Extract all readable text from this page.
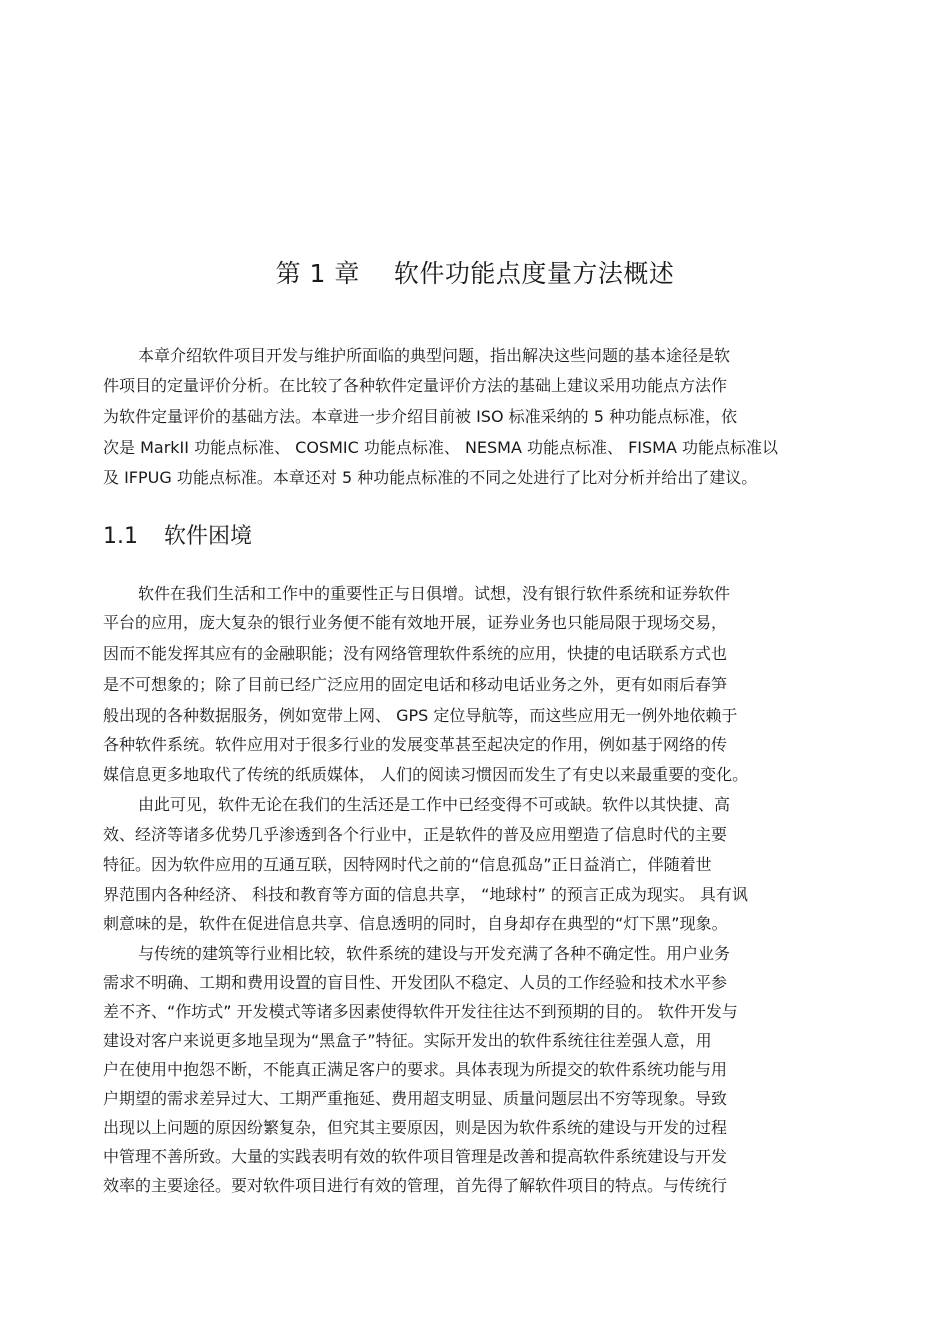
第 1 章 软件功能点度量方法概述

本章介绍软件项目开发与维护所面临的典型问题，指出解决这些问题的基本途径是软

件项目的定量评价分析。在比较了各种软件定量评价方法的基础上建议采用功能点方法作

为软件定量评价的基础方法。本章进一步介绍目前被 ISO 标准采纳的 5 种功能点标准，依

次是 MarkII 功能点标准、 COSMIC 功能点标准、 NESMA 功能点标准、 FISMA 功能点标准以

及 IFPUG 功能点标准。本章还对 5 种功能点标准的不同之处进行了比对分析并给出了建议。

1.1 软件困境

软件在我们生活和工作中的重要性正与日俱增。试想，没有银行软件系统和证券软件

平台的应用，庞大复杂的银行业务便不能有效地开展，证券业务也只能局限于现场交易，

因而不能发挥其应有的金融职能；没有网络管理软件系统的应用，快捷的电话联系方式也

是不可想象的；除了目前已经广泛应用的固定电话和移动电话业务之外，更有如雨后春笋

般出现的各种数据服务，例如宽带上网、 GPS 定位导航等，而这些应用无一例外地依赖于

各种软件系统。软件应用对于很多行业的发展变革甚至起决定的作用，例如基于网络的传

媒信息更多地取代了传统的纸质媒体， 人们的阅读习惯因而发生了有史以来最重要的变化。

由此可见，软件无论在我们的生活还是工作中已经变得不可或缺。软件以其快捷、高

效、经济等诸多优势几乎渗透到各个行业中，正是软件的普及应用塑造了信息时代的主要

特征。因为软件应用的互通互联，因特网时代之前的“信息孤岛”正日益消亡，伴随着世

界范围内各种经济、 科技和教育等方面的信息共享， “地球村” 的预言正成为现实。 具有讽

刺意味的是，软件在促进信息共享、信息透明的同时，自身却存在典型的“灯下黑”现象。

与传统的建筑等行业相比较，软件系统的建设与开发充满了各种不确定性。用户业务

需求不明确、工期和费用设置的盲目性、开发团队不稳定、人员的工作经验和技术水平参

差不齐、“作坊式” 开发模式等诸多因素使得软件开发往往达不到预期的目的。 软件开发与

建设对客户来说更多地呈现为“黑盒子”特征。实际开发出的软件系统往往差强人意，用

户在使用中抱怨不断，不能真正满足客户的要求。具体表现为所提交的软件系统功能与用

户期望的需求差异过大、工期严重拖延、费用超支明显、质量问题层出不穷等现象。导致

出现以上问题的原因纷繁复杂，但究其主要原因，则是因为软件系统的建设与开发的过程

中管理不善所致。大量的实践表明有效的软件项目管理是改善和提高软件系统建设与开发

效率的主要途径。要对软件项目进行有效的管理，首先得了解软件项目的特点。与传统行
